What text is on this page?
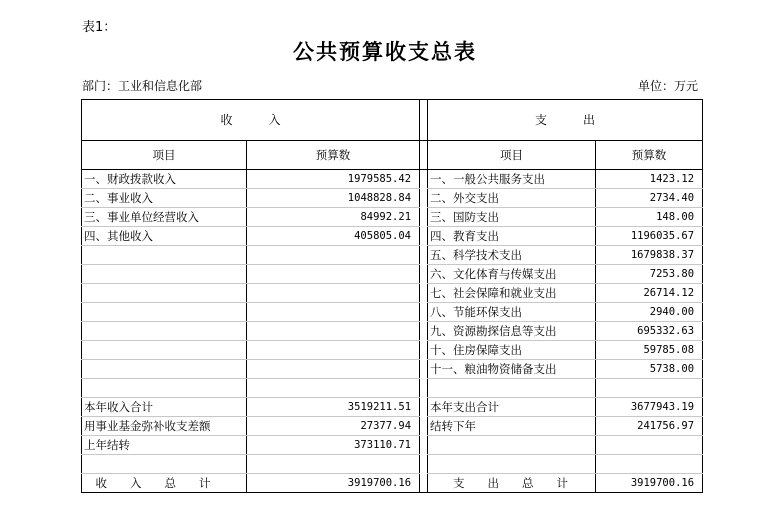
表1：
公共预算收支总表
部门：工业和信息化部	单位：万元
收　　　入			支　　　出	
项目	预算数		项目	预算数
一、财政拨款收入	1979585.42		一、一般公共服务支出	1423.12
二、事业收入	1048828.84		二、外交支出	2734.40
三、事业单位经营收入	84992.21		三、国防支出	148.00
四、其他收入	405805.04		四、教育支出	1196035.67
			五、科学技术支出	1679838.37
			六、文化体育与传媒支出	7253.80
			七、社会保障和就业支出	26714.12
			八、节能环保支出	2940.00
			九、资源勘探信息等支出	695332.63
			十、住房保障支出	59785.08
			十一、粮油物资储备支出	5738.00

本年收入合计	3519211.51		本年支出合计	3677943.19
用事业基金弥补收支差额	27377.94		结转下年	241756.97
上年结转	373110.71			

　收　　入　　总　　计	3919700.16		　　支　　出　　总　　计	3919700.16
